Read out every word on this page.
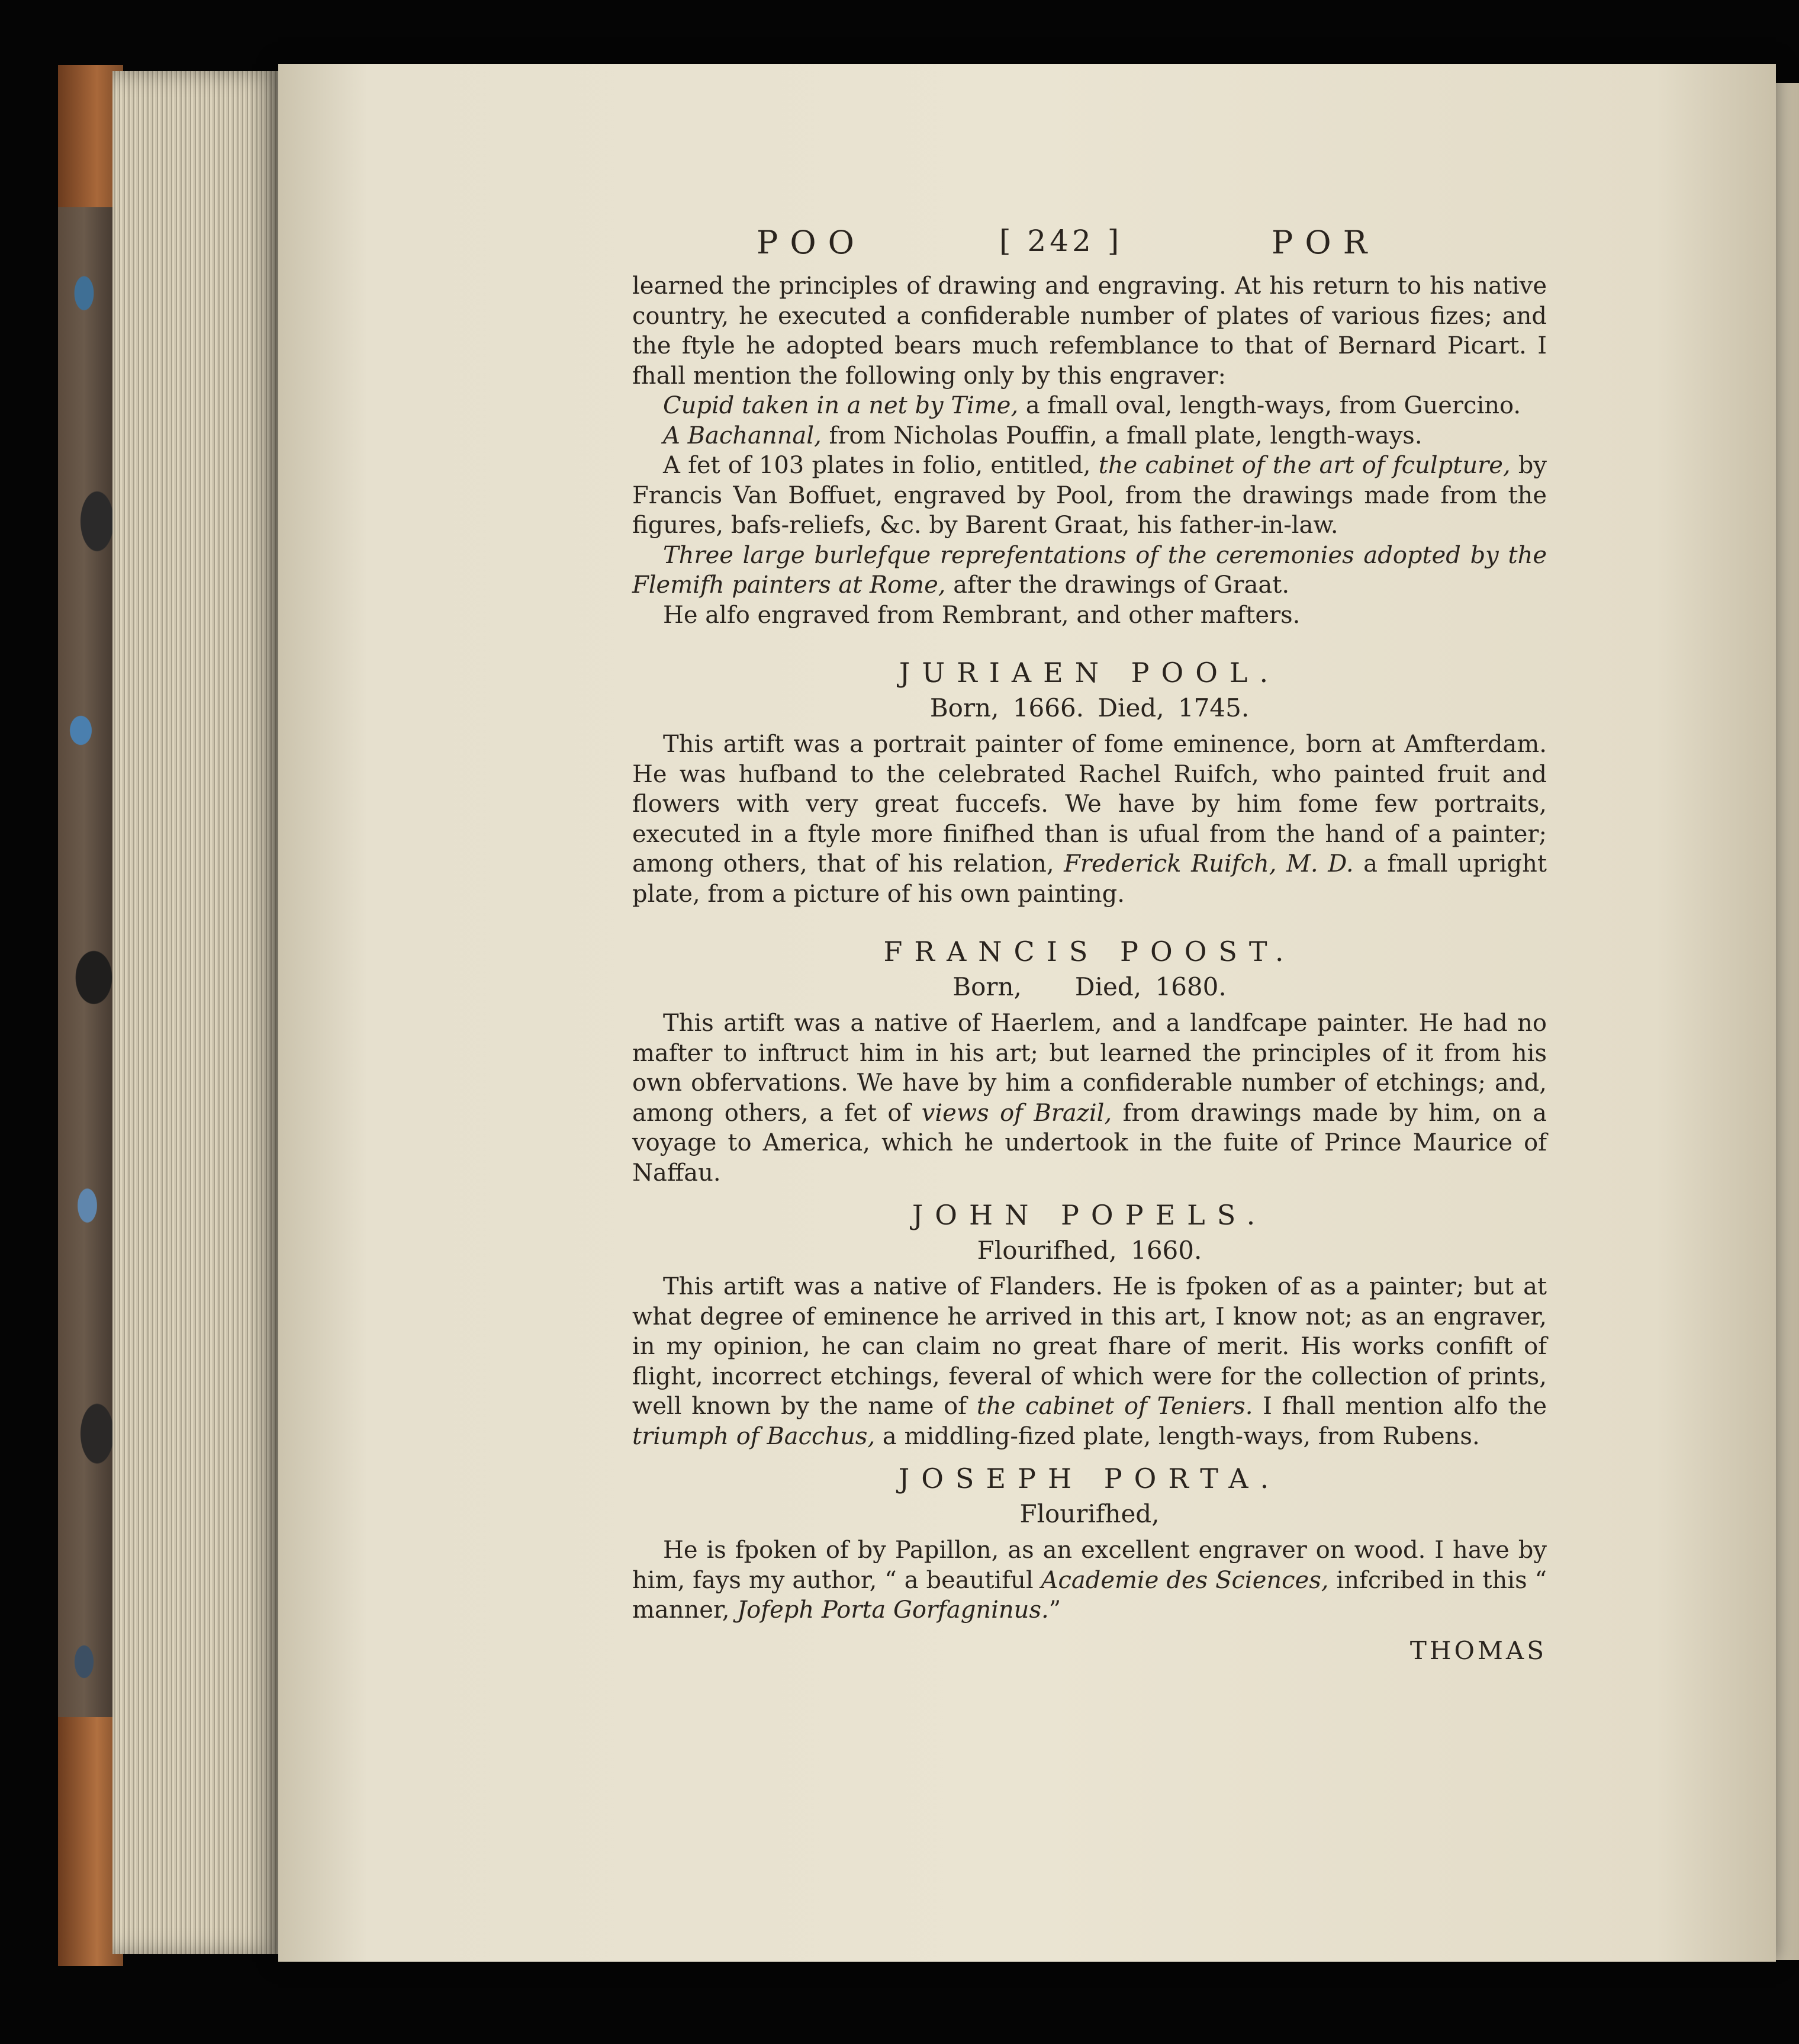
POO	[ 242 ]	POR

learned the principles of drawing and engraving. At his return to his native country, he executed a confiderable number of plates of various fizes; and the ftyle he adopted bears much refemblance to that of Bernard Picart. I fhall mention the following only by this engraver:

Cupid taken in a net by Time, a fmall oval, length-ways, from Guercino.

A Bachannal, from Nicholas Pouffin, a fmall plate, length-ways.

A fet of 103 plates in folio, entitled, the cabinet of the art of fculpture, by Francis Van Boffuet, engraved by Pool, from the drawings made from the figures, bafs-reliefs, &c. by Barent Graat, his father-in-law.

Three large burlefque reprefentations of the ceremonies adopted by the Flemifh painters at Rome, after the drawings of Graat.

He alfo engraved from Rembrant, and other mafters.

JURIAEN POOL.
Born, 1666. Died, 1745.

This artift was a portrait painter of fome eminence, born at Amfterdam. He was hufband to the celebrated Rachel Ruifch, who painted fruit and flowers with very great fuccefs. We have by him fome few portraits, executed in a ftyle more finifhed than is ufual from the hand of a painter; among others, that of his relation, Frederick Ruifch, M. D. a fmall upright plate, from a picture of his own painting.

FRANCIS POOST.
Born, Died, 1680.

This artift was a native of Haerlem, and a landfcape painter. He had no mafter to inftruct him in his art; but learned the principles of it from his own obfervations. We have by him a confiderable number of etchings; and, among others, a fet of views of Brazil, from drawings made by him, on a voyage to America, which he undertook in the fuite of Prince Maurice of Naffau.

JOHN POPELS.
Flourifhed, 1660.

This artift was a native of Flanders. He is fpoken of as a painter; but at what degree of eminence he arrived in this art, I know not; as an engraver, in my opinion, he can claim no great fhare of merit. His works confift of flight, incorrect etchings, feveral of which were for the collection of prints, well known by the name of the cabinet of Teniers. I fhall mention alfo the triumph of Bacchus, a middling-fized plate, length-ways, from Rubens.

JOSEPH PORTA.
Flourifhed,

He is fpoken of by Papillon, as an excellent engraver on wood. I have by him, fays my author, “ a beautiful Academie des Sciences, infcribed in this “ manner, Jofeph Porta Gorfagninus.”

THOMAS
